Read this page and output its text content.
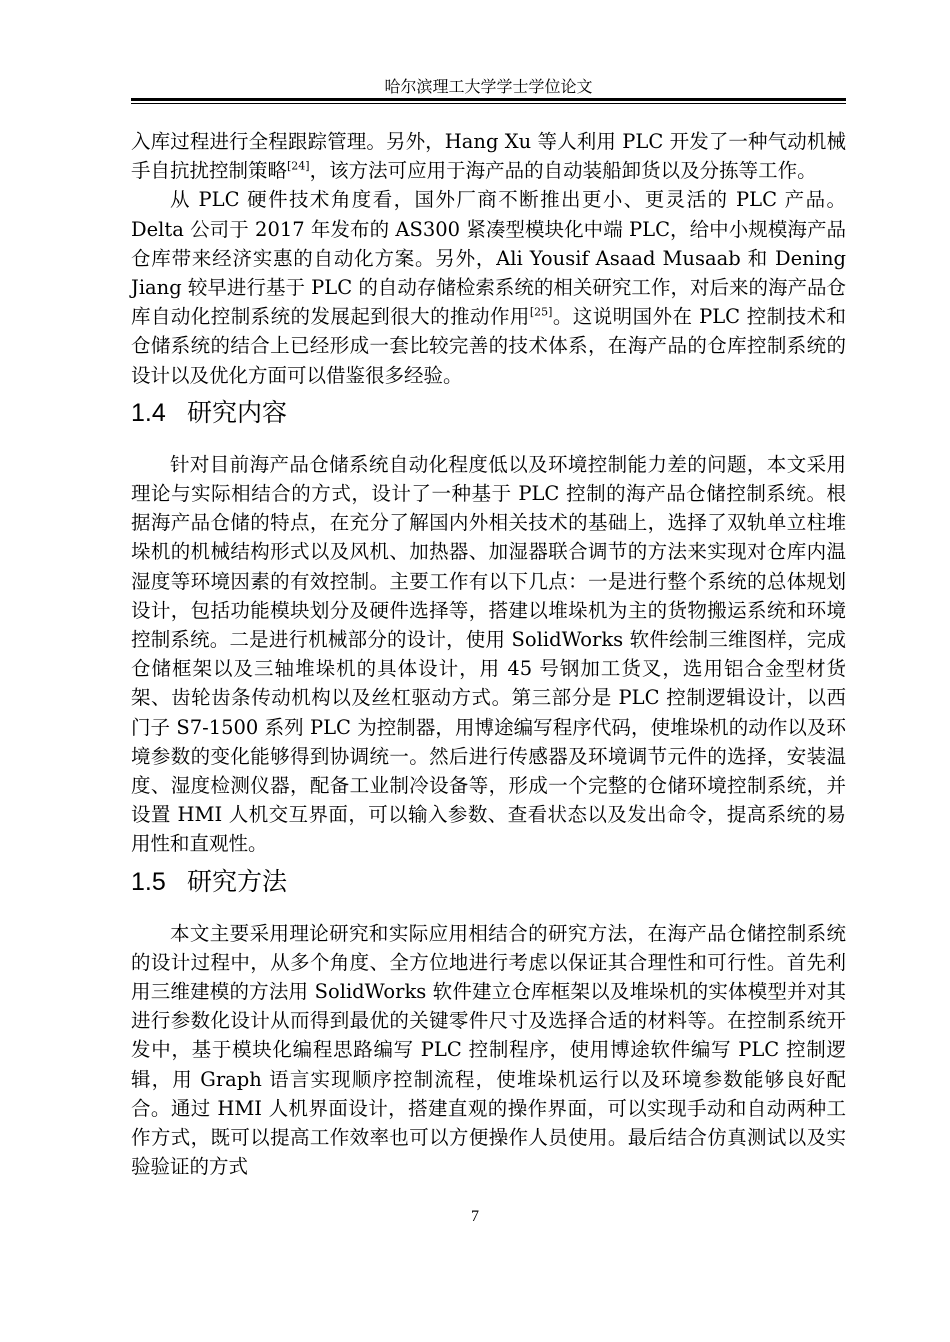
哈尔滨理工大学学士学位论文

入库过程进行全程跟踪管理。另外，Hang Xu 等人利用 PLC 开发了一种气动机械手自抗扰控制策略[24]，该方法可应用于海产品的自动装船卸货以及分拣等工作。

从 PLC 硬件技术角度看，国外厂商不断推出更小、更灵活的 PLC 产品。Delta 公司于 2017 年发布的 AS300 紧凑型模块化中端 PLC，给中小规模海产品仓库带来经济实惠的自动化方案。另外，Ali Yousif Asaad Musaab 和 Dening Jiang 较早进行基于 PLC 的自动存储检索系统的相关研究工作，对后来的海产品仓库自动化控制系统的发展起到很大的推动作用[25]。这说明国外在 PLC 控制技术和仓储系统的结合上已经形成一套比较完善的技术体系，在海产品的仓库控制系统的设计以及优化方面可以借鉴很多经验。

1.4 研究内容

针对目前海产品仓储系统自动化程度低以及环境控制能力差的问题，本文采用理论与实际相结合的方式，设计了一种基于 PLC 控制的海产品仓储控制系统。根据海产品仓储的特点，在充分了解国内外相关技术的基础上，选择了双轨单立柱堆垛机的机械结构形式以及风机、加热器、加湿器联合调节的方法来实现对仓库内温湿度等环境因素的有效控制。主要工作有以下几点：一是进行整个系统的总体规划设计，包括功能模块划分及硬件选择等，搭建以堆垛机为主的货物搬运系统和环境控制系统。二是进行机械部分的设计，使用 SolidWorks 软件绘制三维图样，完成仓储框架以及三轴堆垛机的具体设计，用 45 号钢加工货叉，选用铝合金型材货架、齿轮齿条传动机构以及丝杠驱动方式。第三部分是 PLC 控制逻辑设计，以西门子 S7-1500 系列 PLC 为控制器，用博途编写程序代码，使堆垛机的动作以及环境参数的变化能够得到协调统一。然后进行传感器及环境调节元件的选择，安装温度、湿度检测仪器，配备工业制冷设备等，形成一个完整的仓储环境控制系统，并设置 HMI 人机交互界面，可以输入参数、查看状态以及发出命令，提高系统的易用性和直观性。

1.5 研究方法

本文主要采用理论研究和实际应用相结合的研究方法，在海产品仓储控制系统的设计过程中，从多个角度、全方位地进行考虑以保证其合理性和可行性。首先利用三维建模的方法用 SolidWorks 软件建立仓库框架以及堆垛机的实体模型并对其进行参数化设计从而得到最优的关键零件尺寸及选择合适的材料等。在控制系统开发中，基于模块化编程思路编写 PLC 控制程序，使用博途软件编写 PLC 控制逻辑，用 Graph 语言实现顺序控制流程，使堆垛机运行以及环境参数能够良好配合。通过 HMI 人机界面设计，搭建直观的操作界面，可以实现手动和自动两种工作方式，既可以提高工作效率也可以方便操作人员使用。最后结合仿真测试以及实验验证的方式

7
